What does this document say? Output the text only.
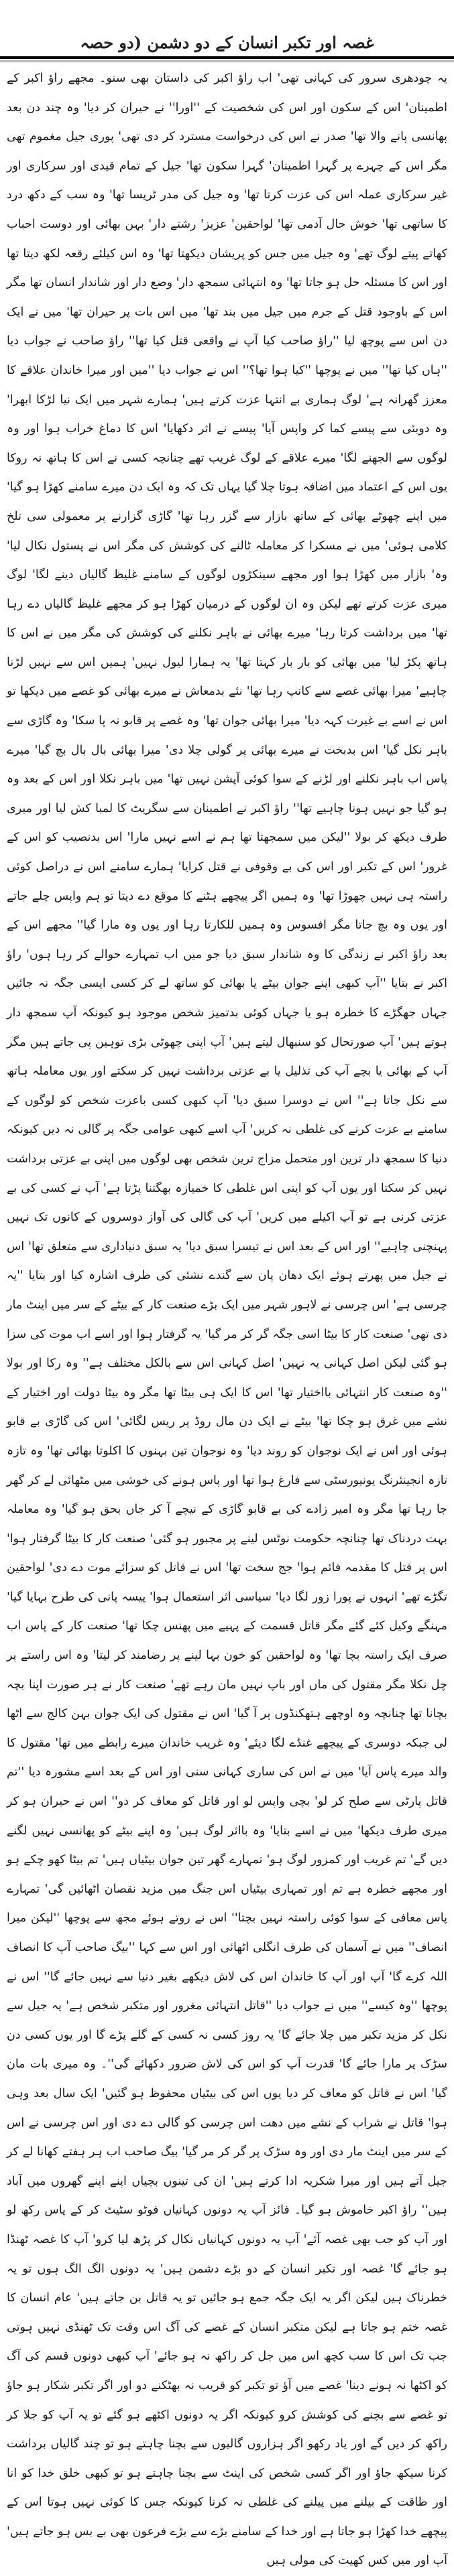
غصہ اور تکبر انسان کے دو دشمن (دو حصہ

یہ چودھری سرور کی کہانی تھی' اب راؤ اکبر کی داستان بھی سنو۔ مجھے راؤ اکبر کے اطمینان' اس کے سکون اور اس کی شخصیت کے ''اورا'' نے حیران کر دیا' وہ چند دن بعد پھانسی پانے والا تھا' صدر نے اس کی درخواست مسترد کر دی تھی' پوری جیل مغموم تھی مگر اس کے چہرے پر گہرا اطمینان' گہرا سکون تھا' جیل کے تمام قیدی اور سرکاری اور غیر سرکاری عملہ اس کی عزت کرتا تھا' وہ جیل کی مدر ٹریسا تھا' وہ سب کے دکھ درد کا ساتھی تھا' خوش حال آدمی تھا' لواحقین' عزیز' رشتے دار' بہن بھائی اور دوست احباب کھاتے پیتے لوگ تھے' وہ جیل میں جس کو پریشان دیکھتا تھا' وہ اس کیلئے رقعہ لکھ دیتا تھا اور اس کا مسئلہ حل ہو جاتا تھا' وہ انتہائی سمجھ دار' وضع دار اور شاندار انسان تھا مگر اس کے باوجود قتل کے جرم میں جیل میں بند تھا' میں اس بات پر حیران تھا' میں نے ایک دن اس سے پوچھ لیا ''راؤ صاحب کیا آپ نے واقعی قتل کیا تھا'' راؤ صاحب نے جواب دیا ''ہاں کیا تھا'' میں نے پوچھا ''کیا ہوا تھا؟'' اس نے جواب دیا ''میں اور میرا خاندان علاقے کا معزز گھرانہ ہے' لوگ ہماری بے انتہا عزت کرتے ہیں' ہمارے شہر میں ایک نیا لڑکا ابھرا' وہ دوبئی سے پیسے کما کر واپس آیا' پیسے نے اثر دکھایا' اس کا دماغ خراب ہوا اور وہ لوگوں سے الجھنے لگا' میرے علاقے کے لوگ غریب تھے چنانچہ کسی نے اس کا ہاتھ نہ روکا یوں اس کے اعتماد میں اضافہ ہوتا چلا گیا یہاں تک کہ وہ ایک دن میرے سامنے کھڑا ہو گیا' میں اپنے چھوٹے بھائی کے ساتھ بازار سے گزر رہا تھا' گاڑی گزارنے پر معمولی سی تلخ کلامی ہوئی' میں نے مسکرا کر معاملہ ٹالنے کی کوشش کی مگر اس نے پستول نکال لیا' وہ' بازار میں کھڑا ہوا اور مجھے سینکڑوں لوگوں کے سامنے غلیظ گالیاں دینے لگا' لوگ میری عزت کرتے تھے لیکن وہ ان لوگوں کے درمیان کھڑا ہو کر مجھے غلیظ گالیاں دے رہا تھا' میں برداشت کرتا رہا' میرے بھائی نے باہر نکلنے کی کوشش کی مگر میں نے اس کا ہاتھ پکڑ لیا' میں بھائی کو بار بار کہتا تھا' یہ ہمارا لیول نہیں' ہمیں اس سے نہیں لڑنا چاہیے' میرا بھائی غصے سے کانپ رہا تھا' نئے بدمعاش نے میرے بھائی کو غصے میں دیکھا تو اس نے اسے بے غیرت کہہ دیا' میرا بھائی جوان تھا' وہ غصے پر قابو نہ پا سکا' وہ گاڑی سے باہر نکل گیا' اس بدبخت نے میرے بھائی پر گولی چلا دی' میرا بھائی بال بال بچ گیا' میرے پاس اب باہر نکلنے اور لڑنے کے سوا کوئی آپشن نہیں تھا' میں باہر نکلا اور اس کے بعد وہ ہو گیا جو نہیں ہونا چاہیے تھا'' راؤ اکبر نے اطمینان سے سگریٹ کا لمبا کش لیا اور میری طرف دیکھ کر بولا ''لیکن میں سمجھتا تھا ہم نے اسے نہیں مارا' اس بدنصیب کو اس کے غرور' اس کے تکبر اور اس کی بے وقوفی نے قتل کرایا' ہمارے سامنے اس نے دراصل کوئی راستہ ہی نہیں چھوڑا تھا' وہ ہمیں اگر پیچھے ہٹنے کا موقع دے دیتا تو ہم واپس چلے جاتے اور یوں وہ بچ جاتا مگر افسوس وہ ہمیں للکارتا رہا اور یوں وہ مارا گیا'' مجھے اس کے بعد راؤ اکبر نے زندگی کا وہ شاندار سبق دیا جو میں اب تمہارے حوالے کر رہا ہوں' راؤ اکبر نے بتایا ''آپ کبھی اپنے جوان بیٹے یا بھائی کو ساتھ لے کر کسی ایسی جگہ نہ جائیں جہاں جھگڑے کا خطرہ ہو یا جہاں کوئی بدتمیز شخص موجود ہو کیونکہ آپ سمجھ دار ہوتے ہیں' آپ صورتحال کو سنبھال لیتے ہیں' آپ اپنی چھوٹی بڑی توہین پی جاتے ہیں مگر آپ کے بھائی یا بچے آپ کی تذلیل یا بے عزتی برداشت نہیں کر سکتے اور یوں معاملہ ہاتھ سے نکل جاتا ہے'' اس نے دوسرا سبق دیا' آپ کبھی کسی باعزت شخص کو لوگوں کے سامنے بے عزت کرنے کی غلطی نہ کریں' آپ اسے کبھی عوامی جگہ پر گالی نہ دیں کیونکہ دنیا کا سمجھ دار ترین اور متحمل مزاج ترین شخص بھی لوگوں میں اپنی بے عزتی برداشت نہیں کر سکتا اور یوں آپ کو اپنی اس غلطی کا خمیازہ بھگتنا پڑتا ہے' آپ نے کسی کی بے عزتی کرنی ہے تو آپ اکیلے میں کریں' آپ کی گالی کی آواز دوسروں کے کانوں تک نہیں پہنچنی چاہیے'' اور اس کے بعد اس نے تیسرا سبق دیا' یہ سبق دنیاداری سے متعلق تھا' اس نے جیل میں پھرتے ہوئے ایک دھان پان سے گندے نشئی کی طرف اشارہ کیا اور بتایا ''یہ چرسی ہے' اس چرسی نے لاہور شہر میں ایک بڑے صنعت کار کے بیٹے کے سر میں اینٹ مار دی تھی' صنعت کار کا بیٹا اسی جگہ گر کر مر گیا' یہ گرفتار ہوا اور اسے اب موت کی سزا ہو گئی لیکن اصل کہانی یہ نہیں' اصل کہانی اس سے بالکل مختلف ہے'' وہ رکا اور بولا ''وہ صنعت کار انتہائی بااختیار تھا' اس کا ایک ہی بیٹا تھا مگر وہ بیٹا دولت اور اختیار کے نشے میں غرق ہو چکا تھا' بیٹے نے ایک دن مال روڈ پر ریس لگائی' اس کی گاڑی بے قابو ہوئی اور اس نے ایک نوجوان کو روند دیا' وہ نوجوان تین بہنوں کا اکلوتا بھائی تھا' وہ تازہ تازہ انجینئرنگ یونیورسٹی سے فارغ ہوا تھا اور پاس ہونے کی خوشی میں مٹھائی لے کر گھر جا رہا تھا مگر وہ امیر زادے کی بے قابو گاڑی کے نیچے آ کر جاں بحق ہو گیا' وہ معاملہ بہت دردناک تھا چنانچہ حکومت نوٹس لینے پر مجبور ہو گئی' صنعت کار کا بیٹا گرفتار ہوا' اس پر قتل کا مقدمہ قائم ہوا' جج سخت تھا' اس نے قاتل کو سزائے موت دے دی' لواحقین تگڑے تھے' انہوں نے پورا زور لگا دیا' سیاسی اثر استعمال ہوا' پیسہ پانی کی طرح بہایا گیا' مہنگے وکیل کئے گئے مگر قاتل قسمت کے پہیے میں پھنس چکا تھا' صنعت کار کے پاس اب صرف ایک راستہ بچا تھا' وہ لواحقین کو خون بہا لینے پر رضامند کر لیتا' وہ اس راستے پر چل نکلا مگر مقتول کی ماں اور باپ نہیں مان رہے تھے' صنعت کار نے ہر صورت اپنا بچہ بچانا تھا چنانچہ وہ اوچھے ہتھکنڈوں پر آ گیا' اس نے مقتول کی ایک جوان بہن کالج سے اٹھا لی جبکہ دوسری کے پیچھے غنڈے لگا دیئے' وہ غریب خاندان میرے رابطے میں تھا' مقتول کا والد میرے پاس آیا' میں نے اس کی ساری کہانی سنی اور اس کے بعد اسے مشورہ دیا ''تم قاتل پارٹی سے صلح کر لو' بچی واپس لو اور قاتل کو معاف کر دو'' اس نے حیران ہو کر میری طرف دیکھا' میں نے اسے بتایا' وہ بااثر لوگ ہیں' وہ اپنے بیٹے کو پھانسی نہیں لگنے دیں گے' تم غریب اور کمزور لوگ ہو' تمہارے گھر تین جوان بیٹیاں ہیں' تم بیٹا کھو چکے ہو اور مجھے خطرہ ہے تم اور تمہاری بیٹیاں اس جنگ میں مزید نقصان اٹھائیں گی' تمہارے پاس معافی کے سوا کوئی راستہ نہیں بچتا'' اس نے روتے ہوئے مجھ سے پوچھا ''لیکن میرا انصاف'' میں نے آسمان کی طرف انگلی اٹھائی اور اس سے کہا ''بیگ صاحب آپ کا انصاف اللہ کرے گا' آپ اور آپ کا خاندان اس کی لاش دیکھے بغیر دنیا سے نہیں جائے گا'' اس نے پوچھا ''وہ کیسے'' میں نے جواب دیا ''قاتل انتہائی مغرور اور متکبر شخص ہے' یہ جیل سے نکل کر مزید تکبر میں چلا جائے گا' یہ روز کسی نہ کسی کے گلے پڑے گا اور یوں کسی دن سڑک پر مارا جائے گا' قدرت آپ کو اس کی لاش ضرور دکھائے گی''۔ وہ میری بات مان گیا' اس نے قاتل کو معاف کر دیا یوں اس کی بیٹیاں محفوظ ہو گئیں' ایک سال بعد وہی ہوا' قاتل نے شراب کے نشے میں دھت اس چرسی کو گالی دے دی اور اس چرسی نے اس کے سر میں اینٹ مار دی اور وہ سڑک پر گر کر مر گیا' بیگ صاحب اب ہر ہفتے کھانا لے کر جیل آتے ہیں اور میرا شکریہ ادا کرتے ہیں' ان کی تینوں بچیاں اپنے اپنے گھروں میں آباد ہیں'' راؤ اکبر خاموش ہو گیا۔ فائز آپ یہ دونوں کہانیاں فوٹو سٹیٹ کر کے پاس رکھ لو اور آپ کو جب بھی غصہ آئے' آپ یہ دونوں کہانیاں نکال کر پڑھ لیا کرو' آپ کا غصہ ٹھنڈا ہو جائے گا' غصہ اور تکبر انسان کے دو بڑے دشمن ہیں' یہ دونوں الگ الگ ہوں تو یہ خطرناک ہیں لیکن اگر یہ ایک جگہ جمع ہو جائیں تو یہ قاتل بن جاتے ہیں' عام انسان کا غصہ ختم ہو جاتا ہے لیکن متکبر انسان کے غصے کی آگ اس وقت تک ٹھنڈی نہیں ہوتی جب تک اس کا سب کچھ اس میں جل کر راکھ نہ ہو جائے' آپ کبھی دونوں قسم کی آگ کو اکٹھا نہ ہونے دینا' غصے میں آؤ تو تکبر کو قریب نہ بھٹکنے دو اور اگر تکبر شکار ہو جاؤ تو غصے سے بچنے کی کوشش کرو کیونکہ اگر یہ دونوں اکٹھے ہو گئے تو یہ آپ کو جلا کر راکھ کر دیں گے اور یاد رکھو اگر ہزاروں گالیوں سے بچنا چاہتے ہو تو چند گالیاں برداشت کرنا سیکھ جاؤ اور اگر کسی شخص کی اینٹ سے بچنا چاہتے ہو تو کبھی خلق خدا کو انا اور طاقت کے بیلنے میں پیلنے کی غلطی نہ کرنا کیونکہ جس کا کوئی نہیں ہوتا اس کے پیچھے خدا کھڑا ہو جاتا ہے اور خدا کے سامنے بڑے سے بڑے فرعون بھی بے بس ہو جاتے ہیں' آپ اور میں کس کھیت کی مولی ہیں
